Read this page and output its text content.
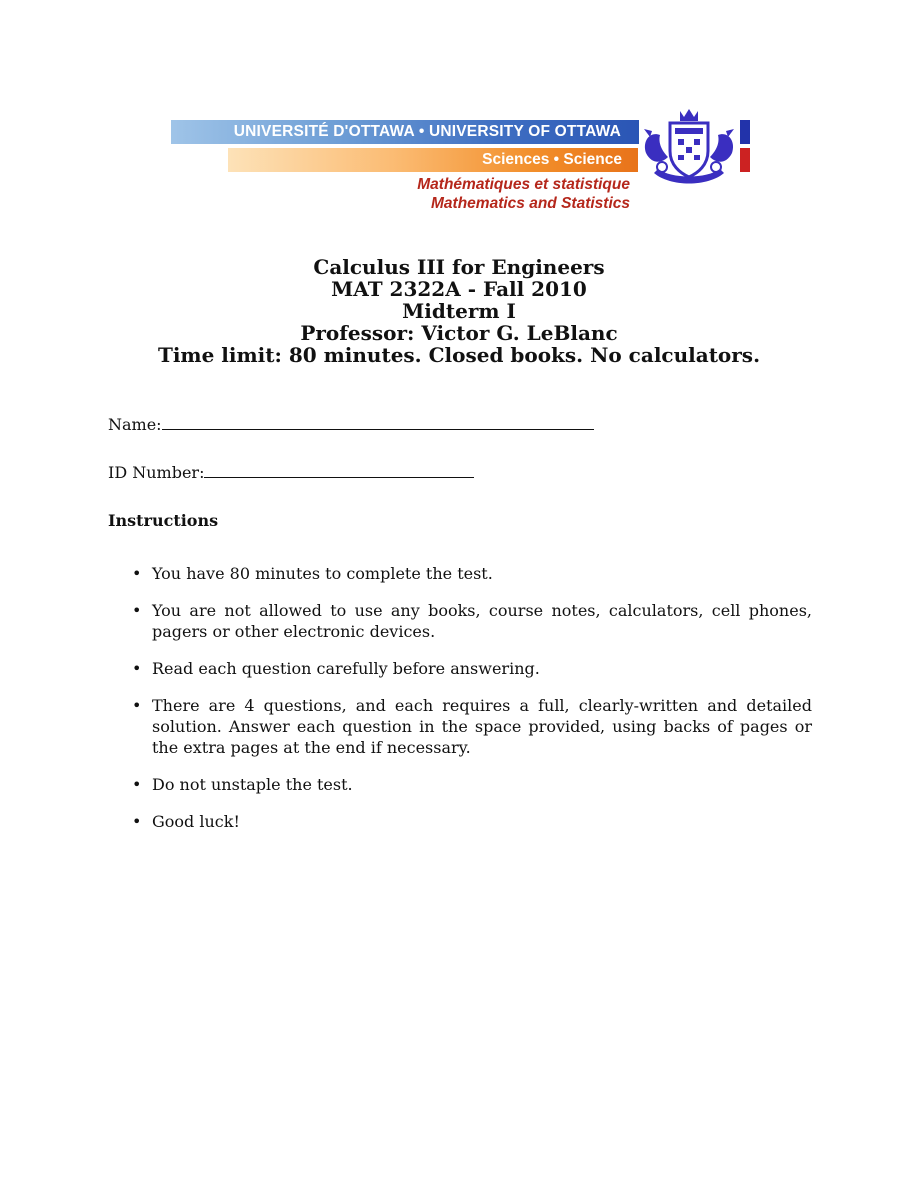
UNIVERSITÉ D'OTTAWA • UNIVERSITY OF OTTAWA
Sciences • Science
Mathématiques et statistique
Mathematics and Statistics
Calculus III for Engineers
MAT 2322A - Fall 2010
Midterm I
Professor: Victor G. LeBlanc
Time limit: 80 minutes. Closed books. No calculators.
Name:
ID Number:
Instructions
• You have 80 minutes to complete the test.
• You are not allowed to use any books, course notes, calculators, cell phones, pagers or other electronic devices.
• Read each question carefully before answering.
• There are 4 questions, and each requires a full, clearly-written and detailed solution. Answer each question in the space provided, using backs of pages or the extra pages at the end if necessary.
• Do not unstaple the test.
• Good luck!
